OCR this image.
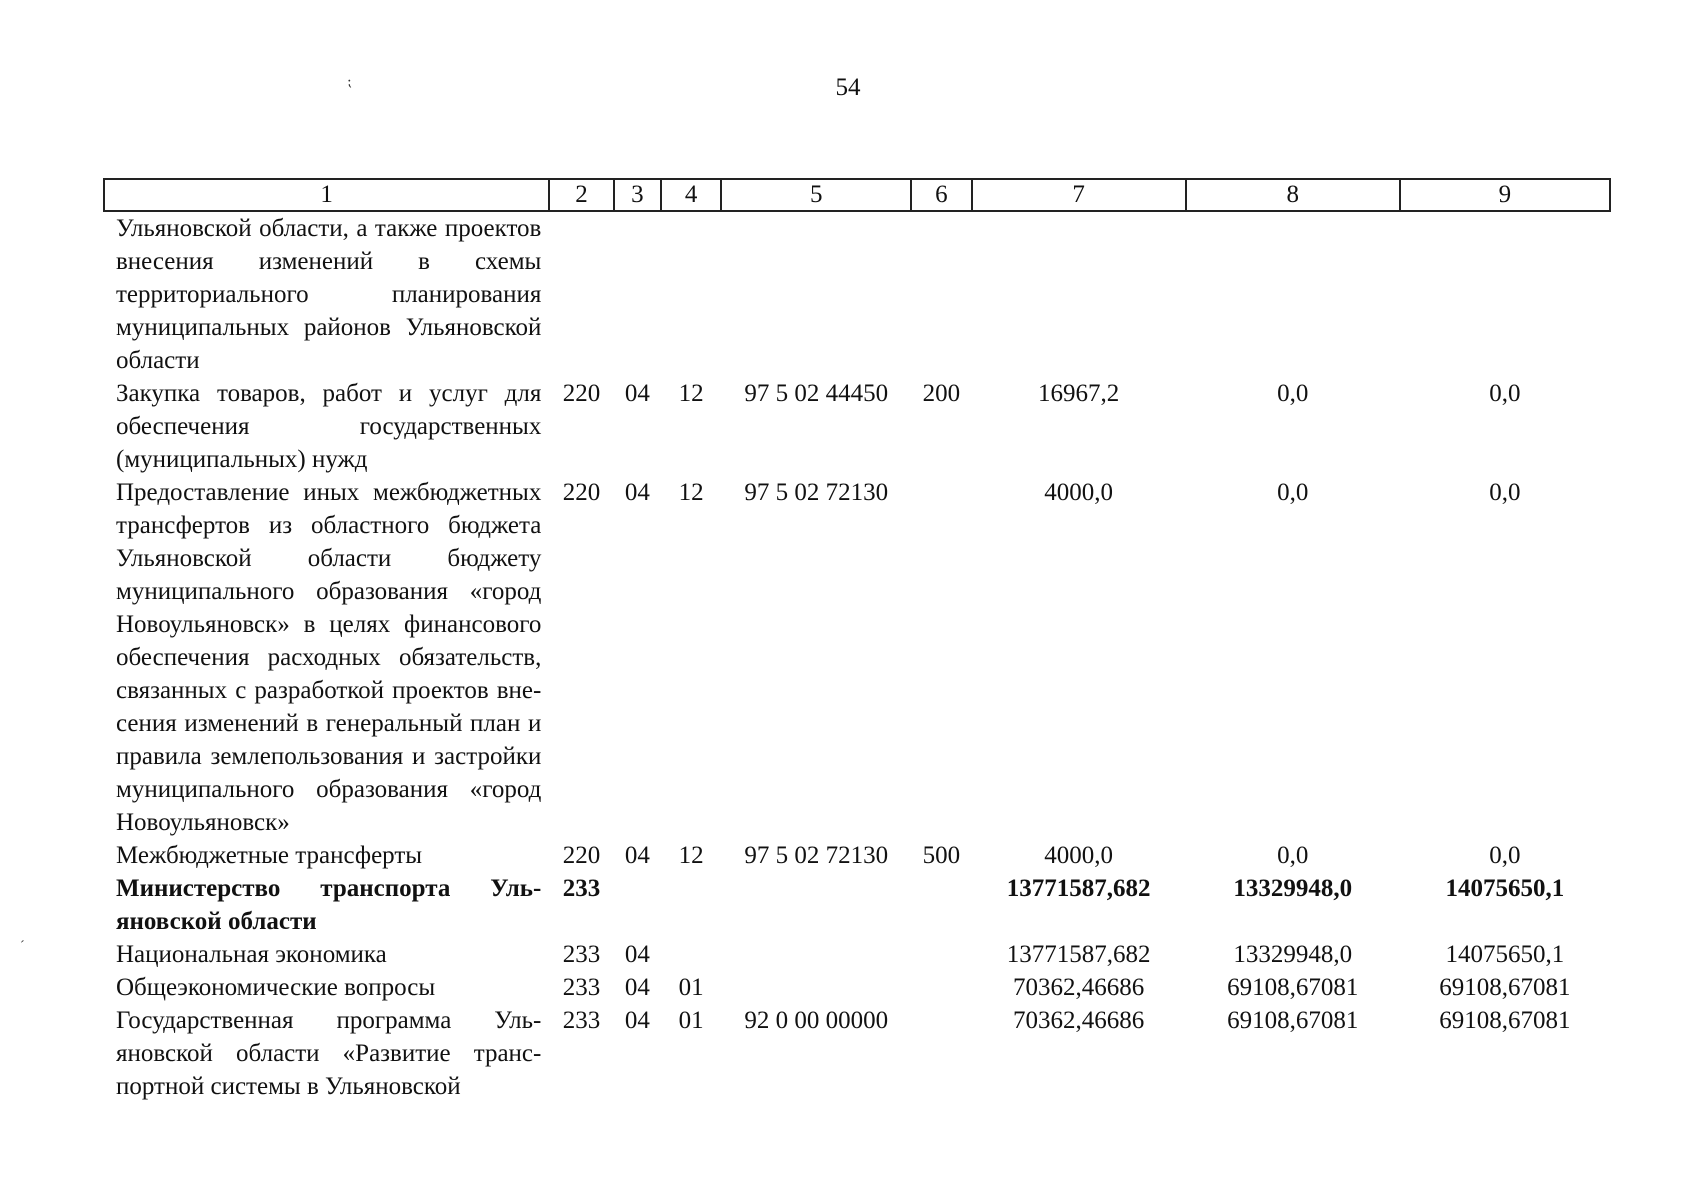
54
⁏
ˊ
1	2	3	4	5	6	7	8	9
Ульяновской области, а также проектов внесения изменений в схемы территориального планирования муниципальных районов Ульяновской области								
Закупка товаров, работ и услуг для обеспечения государственных (муниципальных) нужд	220	04	12	97 5 02 44450	200	16967,2	0,0	0,0
Предоставление иных межбюджетных трансфертов из областного бюджета Ульяновской области бюджету муниципального образования «город Новоульяновск» в целях финансового обеспечения расходных обязательств, связанных с разработкой проектов внесения изменений в генеральный план и правила землепользования и застройки муниципального образования «город Новоульяновск»	220	04	12	97 5 02 72130		4000,0	0,0	0,0
Межбюджетные трансферты	220	04	12	97 5 02 72130	500	4000,0	0,0	0,0
Министерство транспорта Ульяновской области	233					13771587,682	13329948,0	14075650,1
Национальная экономика	233	04				13771587,682	13329948,0	14075650,1
Общеэкономические вопросы	233	04	01			70362,46686	69108,67081	69108,67081
Государственная программа Ульяновской области «Развитие транспортной системы в Ульяновской	233	04	01	92 0 00 00000		70362,46686	69108,67081	69108,67081
